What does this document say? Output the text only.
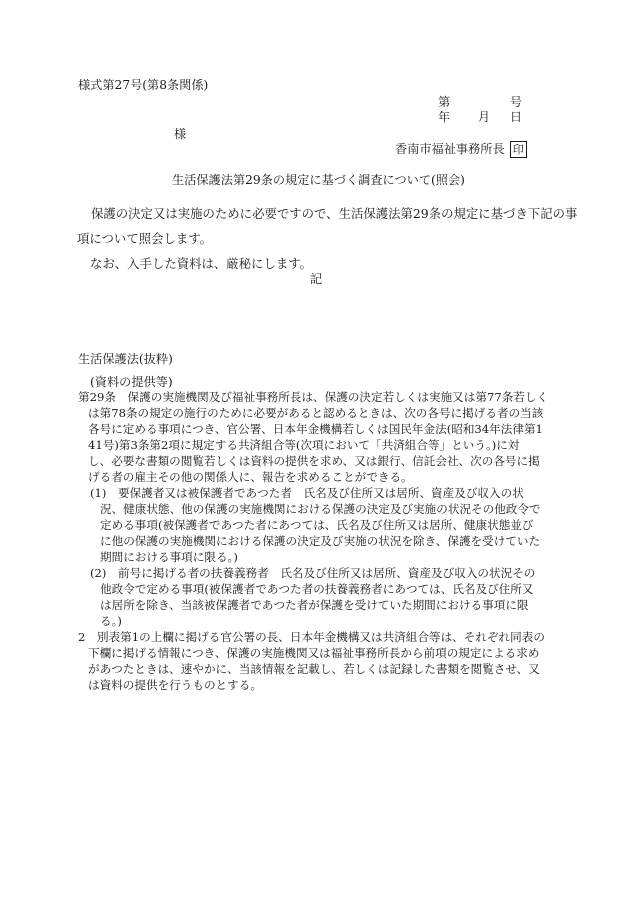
様式第27号(第8条関係)
第	号
年 月 日
様
香南市福祉事務所長 印
生活保護法第29条の規定に基づく調査について(照会)
保護の決定又は実施のために必要ですので、生活保護法第29条の規定に基づき下記の事
項について照会します。
なお、入手した資料は、厳秘にします。
記
生活保護法(抜粋)
(資料の提供等)
第29条　保護の実施機関及び福祉事務所長は、保護の決定若しくは実施又は第77条若しく
は第78条の規定の施行のために必要があると認めるときは、次の各号に掲げる者の当該
各号に定める事項につき、官公署、日本年金機構若しくは国民年金法(昭和34年法律第1
41号)第3条第2項に規定する共済組合等(次項において「共済組合等」という。)に対
し、必要な書類の閲覧若しくは資料の提供を求め、又は銀行、信託会社、次の各号に掲
げる者の雇主その他の関係人に、報告を求めることができる。
(1)　要保護者又は被保護者であつた者　氏名及び住所又は居所、資産及び収入の状
況、健康状態、他の保護の実施機関における保護の決定及び実施の状況その他政令で
定める事項(被保護者であつた者にあつては、氏名及び住所又は居所、健康状態並び
に他の保護の実施機関における保護の決定及び実施の状況を除き、保護を受けていた
期間における事項に限る。)
(2)　前号に掲げる者の扶養義務者　氏名及び住所又は居所、資産及び収入の状況その
他政令で定める事項(被保護者であつた者の扶養義務者にあつては、氏名及び住所又
は居所を除き、当該被保護者であつた者が保護を受けていた期間における事項に限
る。)
2　別表第1の上欄に掲げる官公署の長、日本年金機構又は共済組合等は、それぞれ同表の
下欄に掲げる情報につき、保護の実施機関又は福祉事務所長から前項の規定による求め
があつたときは、速やかに、当該情報を記載し、若しくは記録した書類を閲覧させ、又
は資料の提供を行うものとする。
